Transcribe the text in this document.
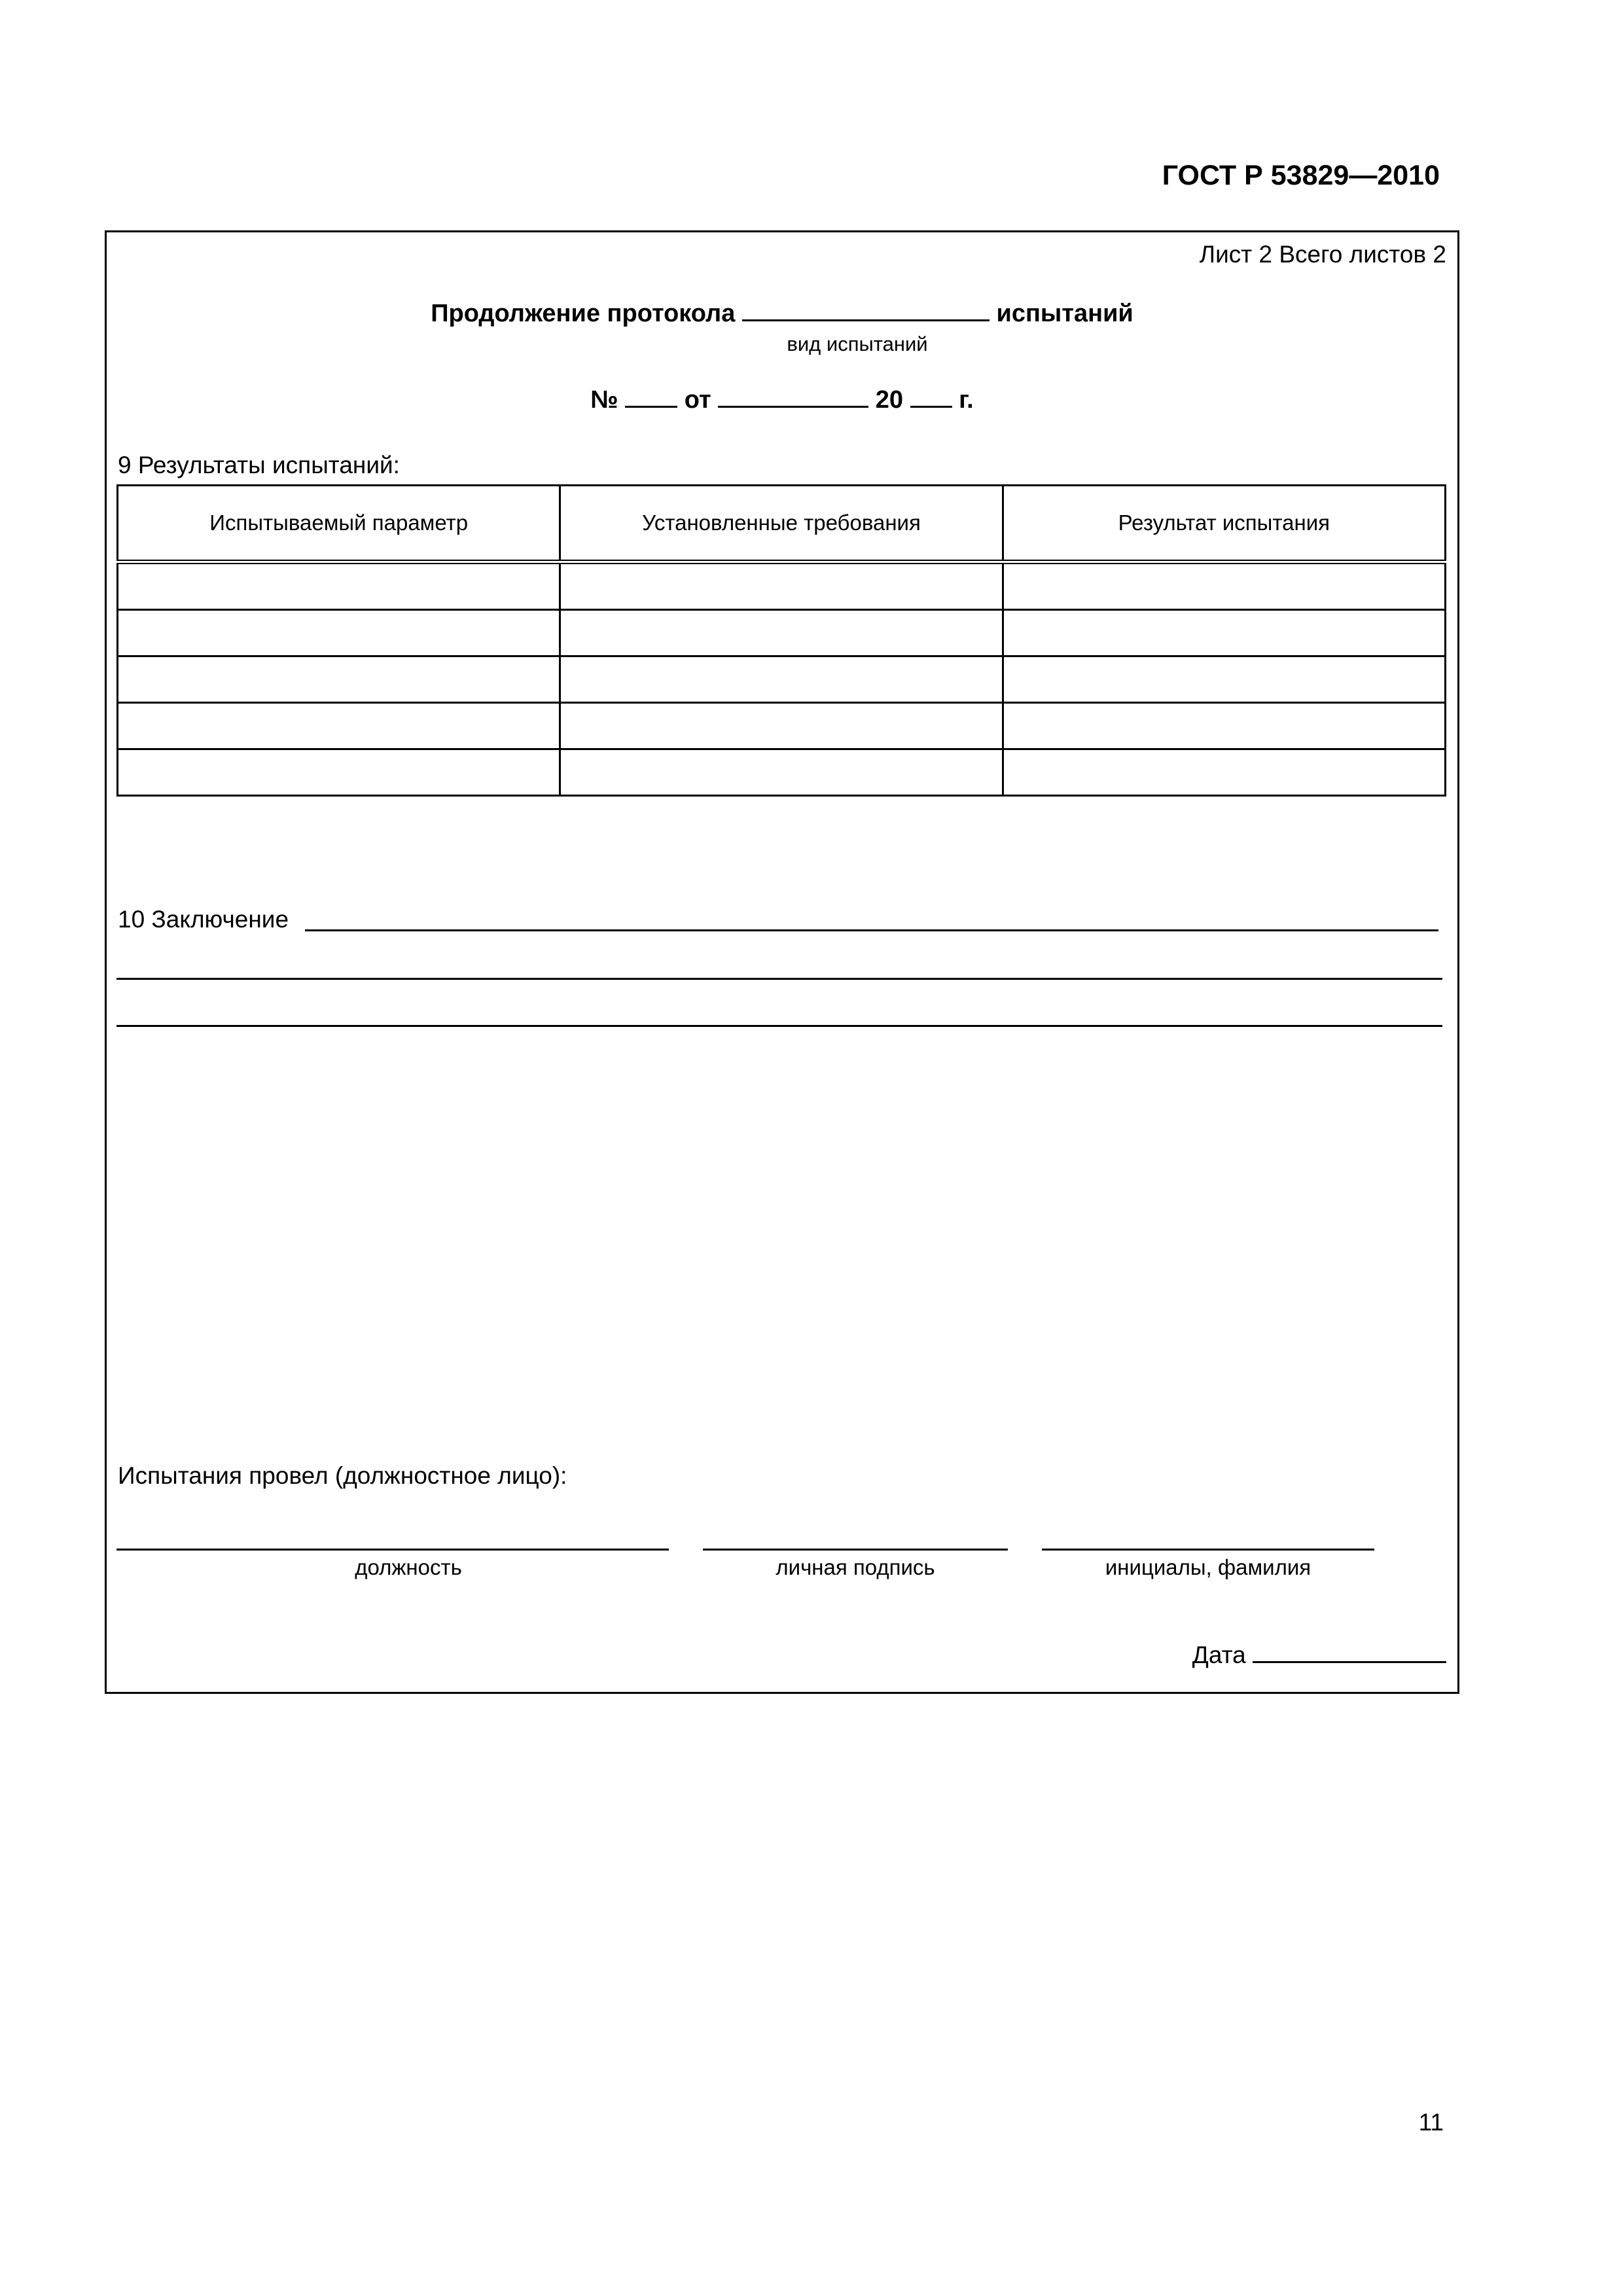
ГОСТ Р 53829—2010
Лист 2 Всего листов 2
Продолжение протокола	испытаний
вид испытаний
№	от	20 г.
9 Результаты испытаний:
Испытываемый параметр	Установленные требования	Результат испытания

10 Заключение
Испытания провел (должностное лицо):
должность	личная подпись	инициалы, фамилия
Дата
11
